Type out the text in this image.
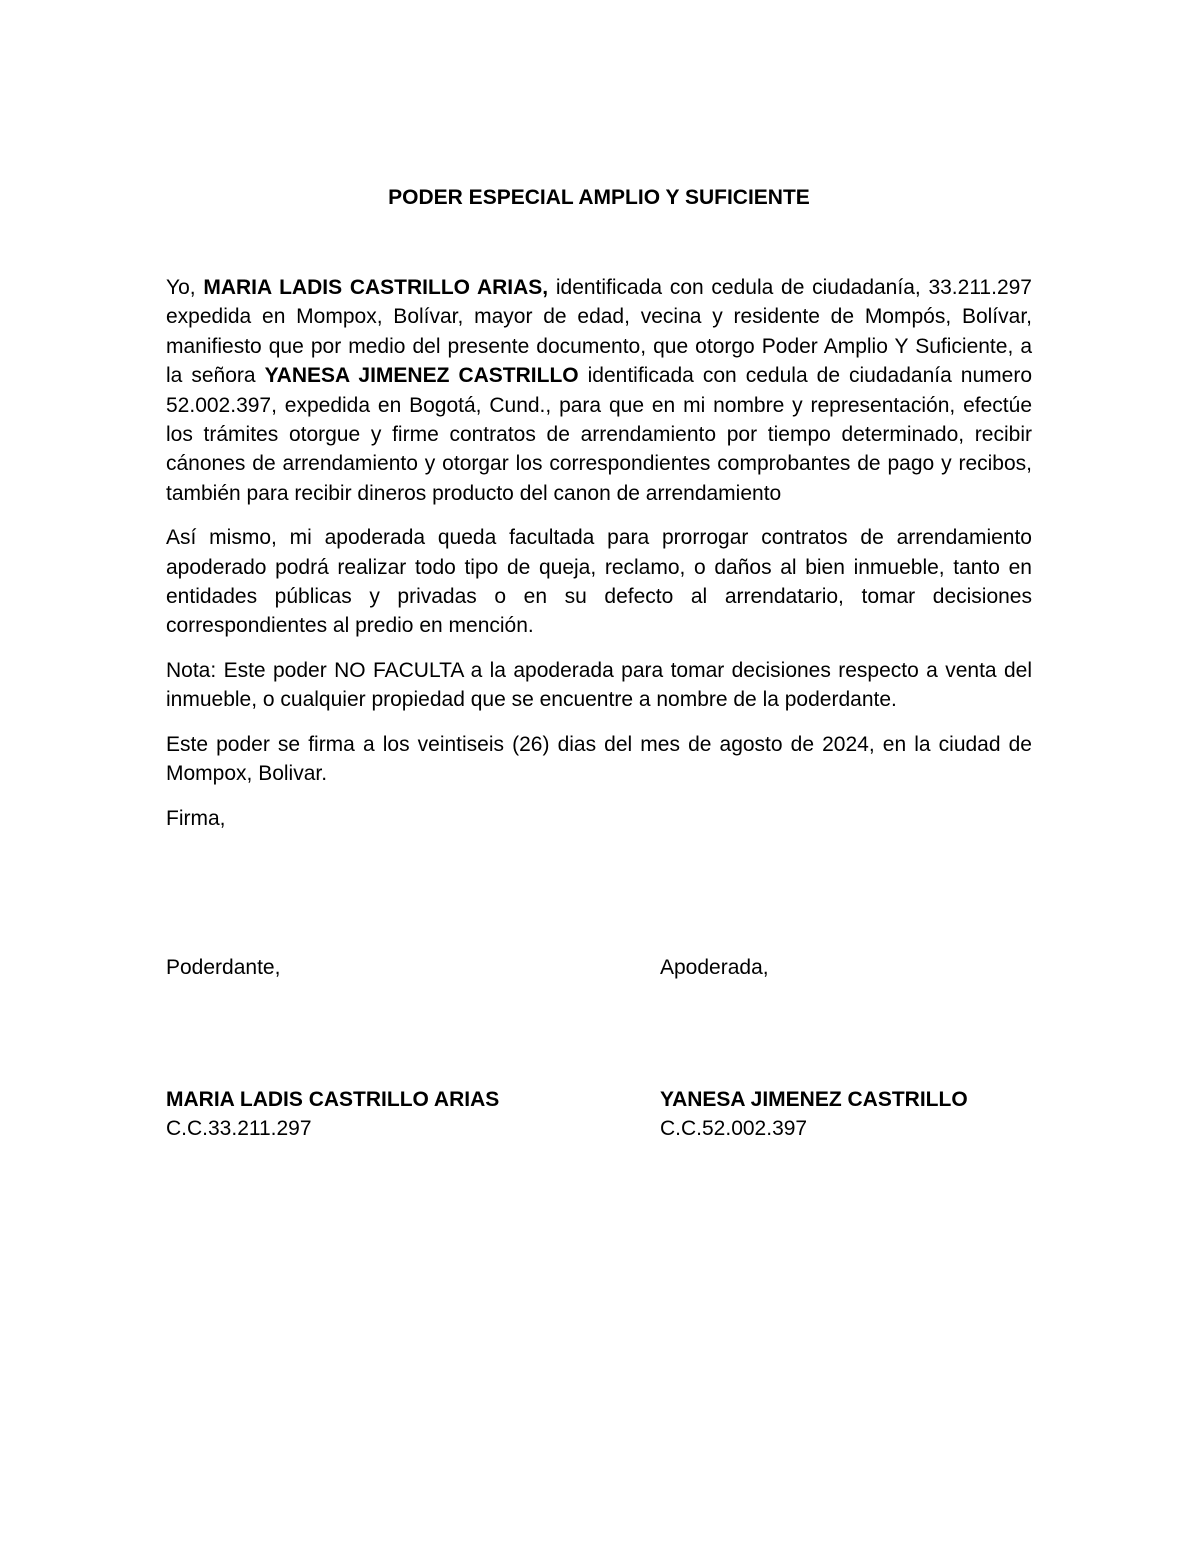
PODER ESPECIAL AMPLIO Y SUFICIENTE

Yo, MARIA LADIS CASTRILLO ARIAS, identificada con cedula de ciudadanía, 33.211.297 expedida en Mompox, Bolívar, mayor de edad, vecina y residente de Mompós, Bolívar, manifiesto que por medio del presente documento, que otorgo Poder Amplio Y Suficiente, a la señora YANESA JIMENEZ CASTRILLO identificada con cedula de ciudadanía numero 52.002.397, expedida en Bogotá, Cund., para que en mi nombre y representación, efectúe los trámites otorgue y firme contratos de arrendamiento por tiempo determinado, recibir cánones de arrendamiento y otorgar los correspondientes comprobantes de pago y recibos, también para recibir dineros producto del canon de arrendamiento

Así mismo, mi apoderada queda facultada para prorrogar contratos de arrendamiento apoderado podrá realizar todo tipo de queja, reclamo, o daños al bien inmueble, tanto en entidades públicas y privadas o en su defecto al arrendatario, tomar decisiones correspondientes al predio en mención.

Nota: Este poder NO FACULTA a la apoderada para tomar decisiones respecto a venta del inmueble, o cualquier propiedad que se encuentre a nombre de la poderdante.

Este poder se firma a los veintiseis (26) dias del mes de agosto de 2024, en la ciudad de Mompox, Bolivar.

Firma,

Poderdante,	Apoderada,
MARIA LADIS CASTRILLO ARIAS
C.C.33.211.297
YANESA JIMENEZ CASTRILLO
C.C.52.002.397
